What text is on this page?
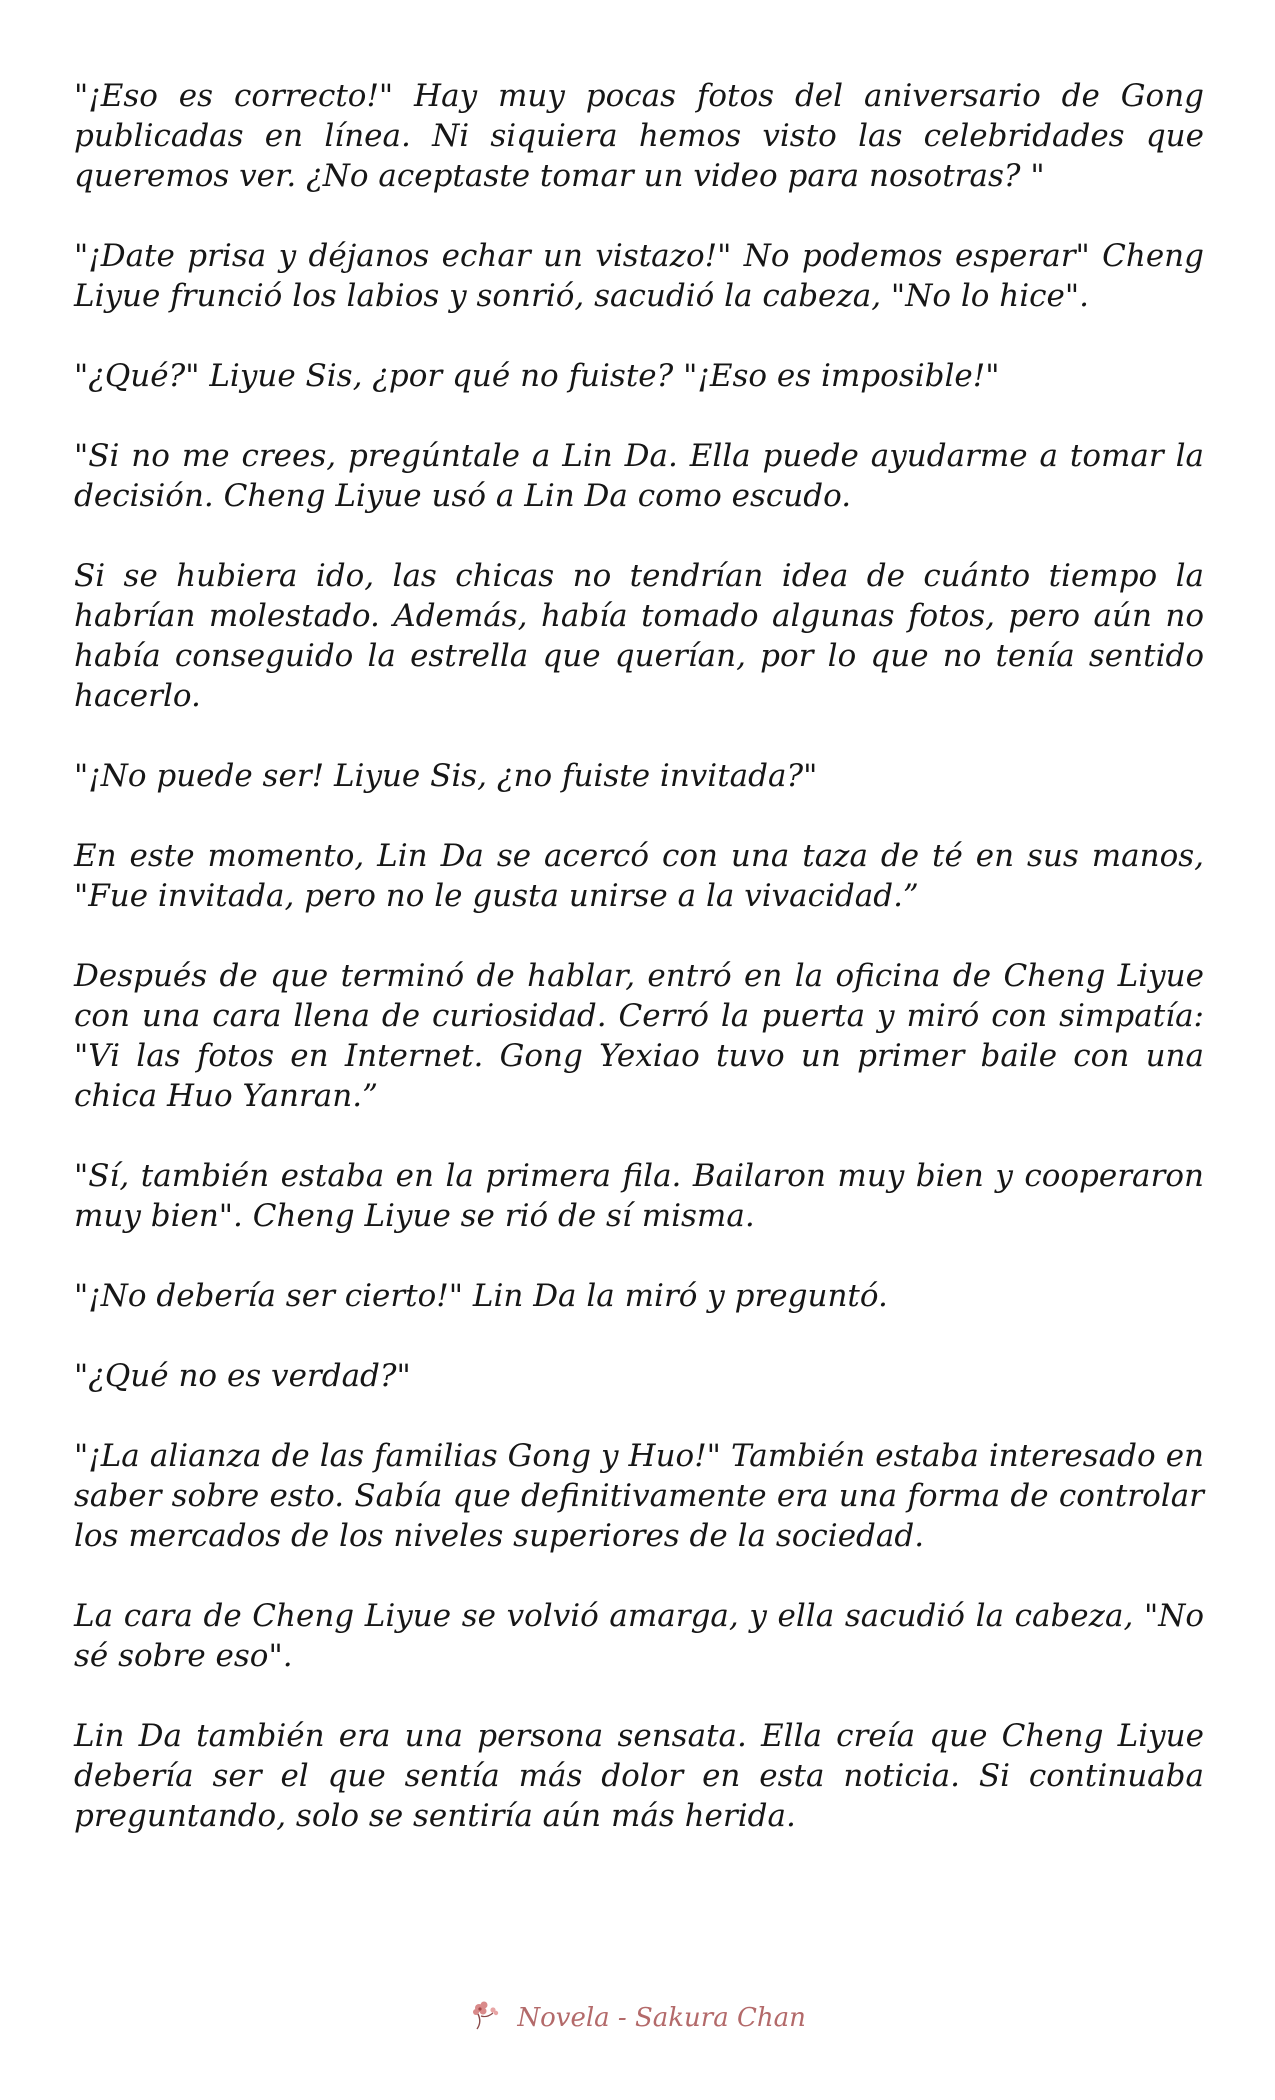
"¡Eso es correcto!" Hay muy pocas fotos del aniversario de Gong publicadas en línea. Ni siquiera hemos visto las celebridades que queremos ver. ¿No aceptaste tomar un video para nosotras? "

"¡Date prisa y déjanos echar un vistazo!" No podemos esperar" Cheng Liyue frunció los labios y sonrió, sacudió la cabeza, "No lo hice".

"¿Qué?" Liyue Sis, ¿por qué no fuiste? "¡Eso es imposible!"

"Si no me crees, pregúntale a Lin Da. Ella puede ayudarme a tomar la decisión. Cheng Liyue usó a Lin Da como escudo.

Si se hubiera ido, las chicas no tendrían idea de cuánto tiempo la habrían molestado. Además, había tomado algunas fotos, pero aún no había conseguido la estrella que querían, por lo que no tenía sentido hacerlo.

"¡No puede ser! Liyue Sis, ¿no fuiste invitada?"

En este momento, Lin Da se acercó con una taza de té en sus manos, "Fue invitada, pero no le gusta unirse a la vivacidad.”

Después de que terminó de hablar, entró en la oficina de Cheng Liyue con una cara llena de curiosidad. Cerró la puerta y miró con simpatía: "Vi las fotos en Internet. Gong Yexiao tuvo un primer baile con una chica Huo Yanran.”

"Sí, también estaba en la primera fila. Bailaron muy bien y cooperaron muy bien". Cheng Liyue se rió de sí misma.

"¡No debería ser cierto!" Lin Da la miró y preguntó.

"¿Qué no es verdad?"

"¡La alianza de las familias Gong y Huo!" También estaba interesado en saber sobre esto. Sabía que definitivamente era una forma de controlar los mercados de los niveles superiores de la sociedad.

La cara de Cheng Liyue se volvió amarga, y ella sacudió la cabeza, "No sé sobre eso".

Lin Da también era una persona sensata. Ella creía que Cheng Liyue debería ser el que sentía más dolor en esta noticia. Si continuaba preguntando, solo se sentiría aún más herida.

Novela - Sakura Chan
